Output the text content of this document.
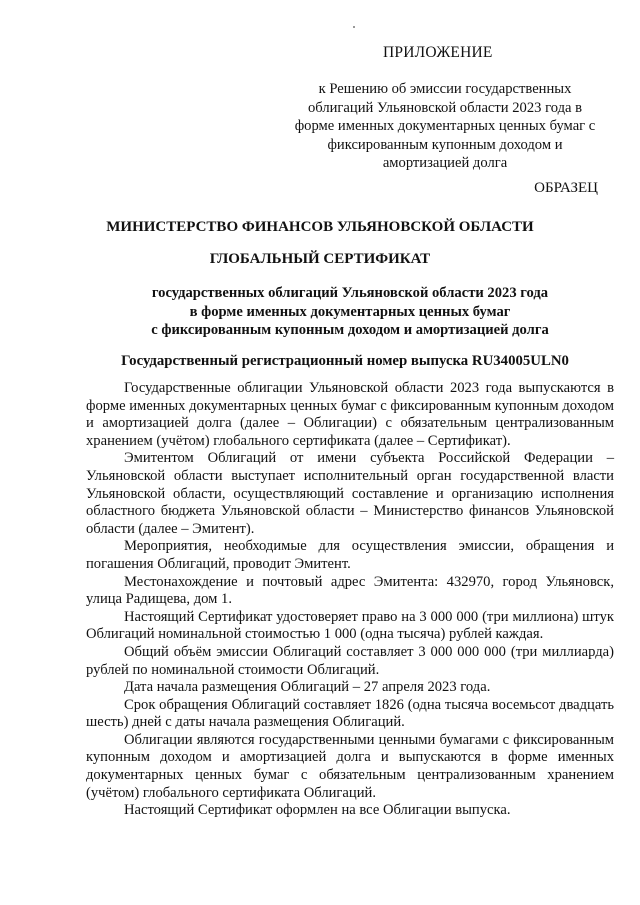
ПРИЛОЖЕНИЕ
к Решению об эмиссии государственных облигаций Ульяновской области 2023 года в форме именных документарных ценных бумаг с фиксированным купонным доходом и амортизацией долга
ОБРАЗЕЦ
МИНИСТЕРСТВО ФИНАНСОВ УЛЬЯНОВСКОЙ ОБЛАСТИ
ГЛОБАЛЬНЫЙ СЕРТИФИКАТ
государственных облигаций Ульяновской области 2023 года
в форме именных документарных ценных бумаг
с фиксированным купонным доходом и амортизацией долга
Государственный регистрационный номер выпуска RU34005ULN0

Государственные облигации Ульяновской области 2023 года выпускаются в форме именных документарных ценных бумаг с фиксированным купонным доходом и амортизацией долга (далее – Облигации) с обязательным централизованным хранением (учётом) глобального сертификата (далее – Сертификат).

Эмитентом Облигаций от имени субъекта Российской Федерации – Ульяновской области выступает исполнительный орган государственной власти Ульяновской области, осуществляющий составление и организацию исполнения областного бюджета Ульяновской области – Министерство финансов Ульяновской области (далее – Эмитент).

Мероприятия, необходимые для осуществления эмиссии, обращения и погашения Облигаций, проводит Эмитент.

Местонахождение и почтовый адрес Эмитента: 432970, город Ульяновск, улица Радищева, дом 1.

Настоящий Сертификат удостоверяет право на 3 000 000 (три миллиона) штук Облигаций номинальной стоимостью 1 000 (одна тысяча) рублей каждая.

Общий объём эмиссии Облигаций составляет 3 000 000 000 (три миллиарда) рублей по номинальной стоимости Облигаций.

Дата начала размещения Облигаций – 27 апреля 2023 года.

Срок обращения Облигаций составляет 1826 (одна тысяча восемьсот двадцать шесть) дней с даты начала размещения Облигаций.

Облигации являются государственными ценными бумагами с фиксированным купонным доходом и амортизацией долга и выпускаются в форме именных документарных ценных бумаг с обязательным централизованным хранением (учётом) глобального сертификата Облигаций.

Настоящий Сертификат оформлен на все Облигации выпуска.
